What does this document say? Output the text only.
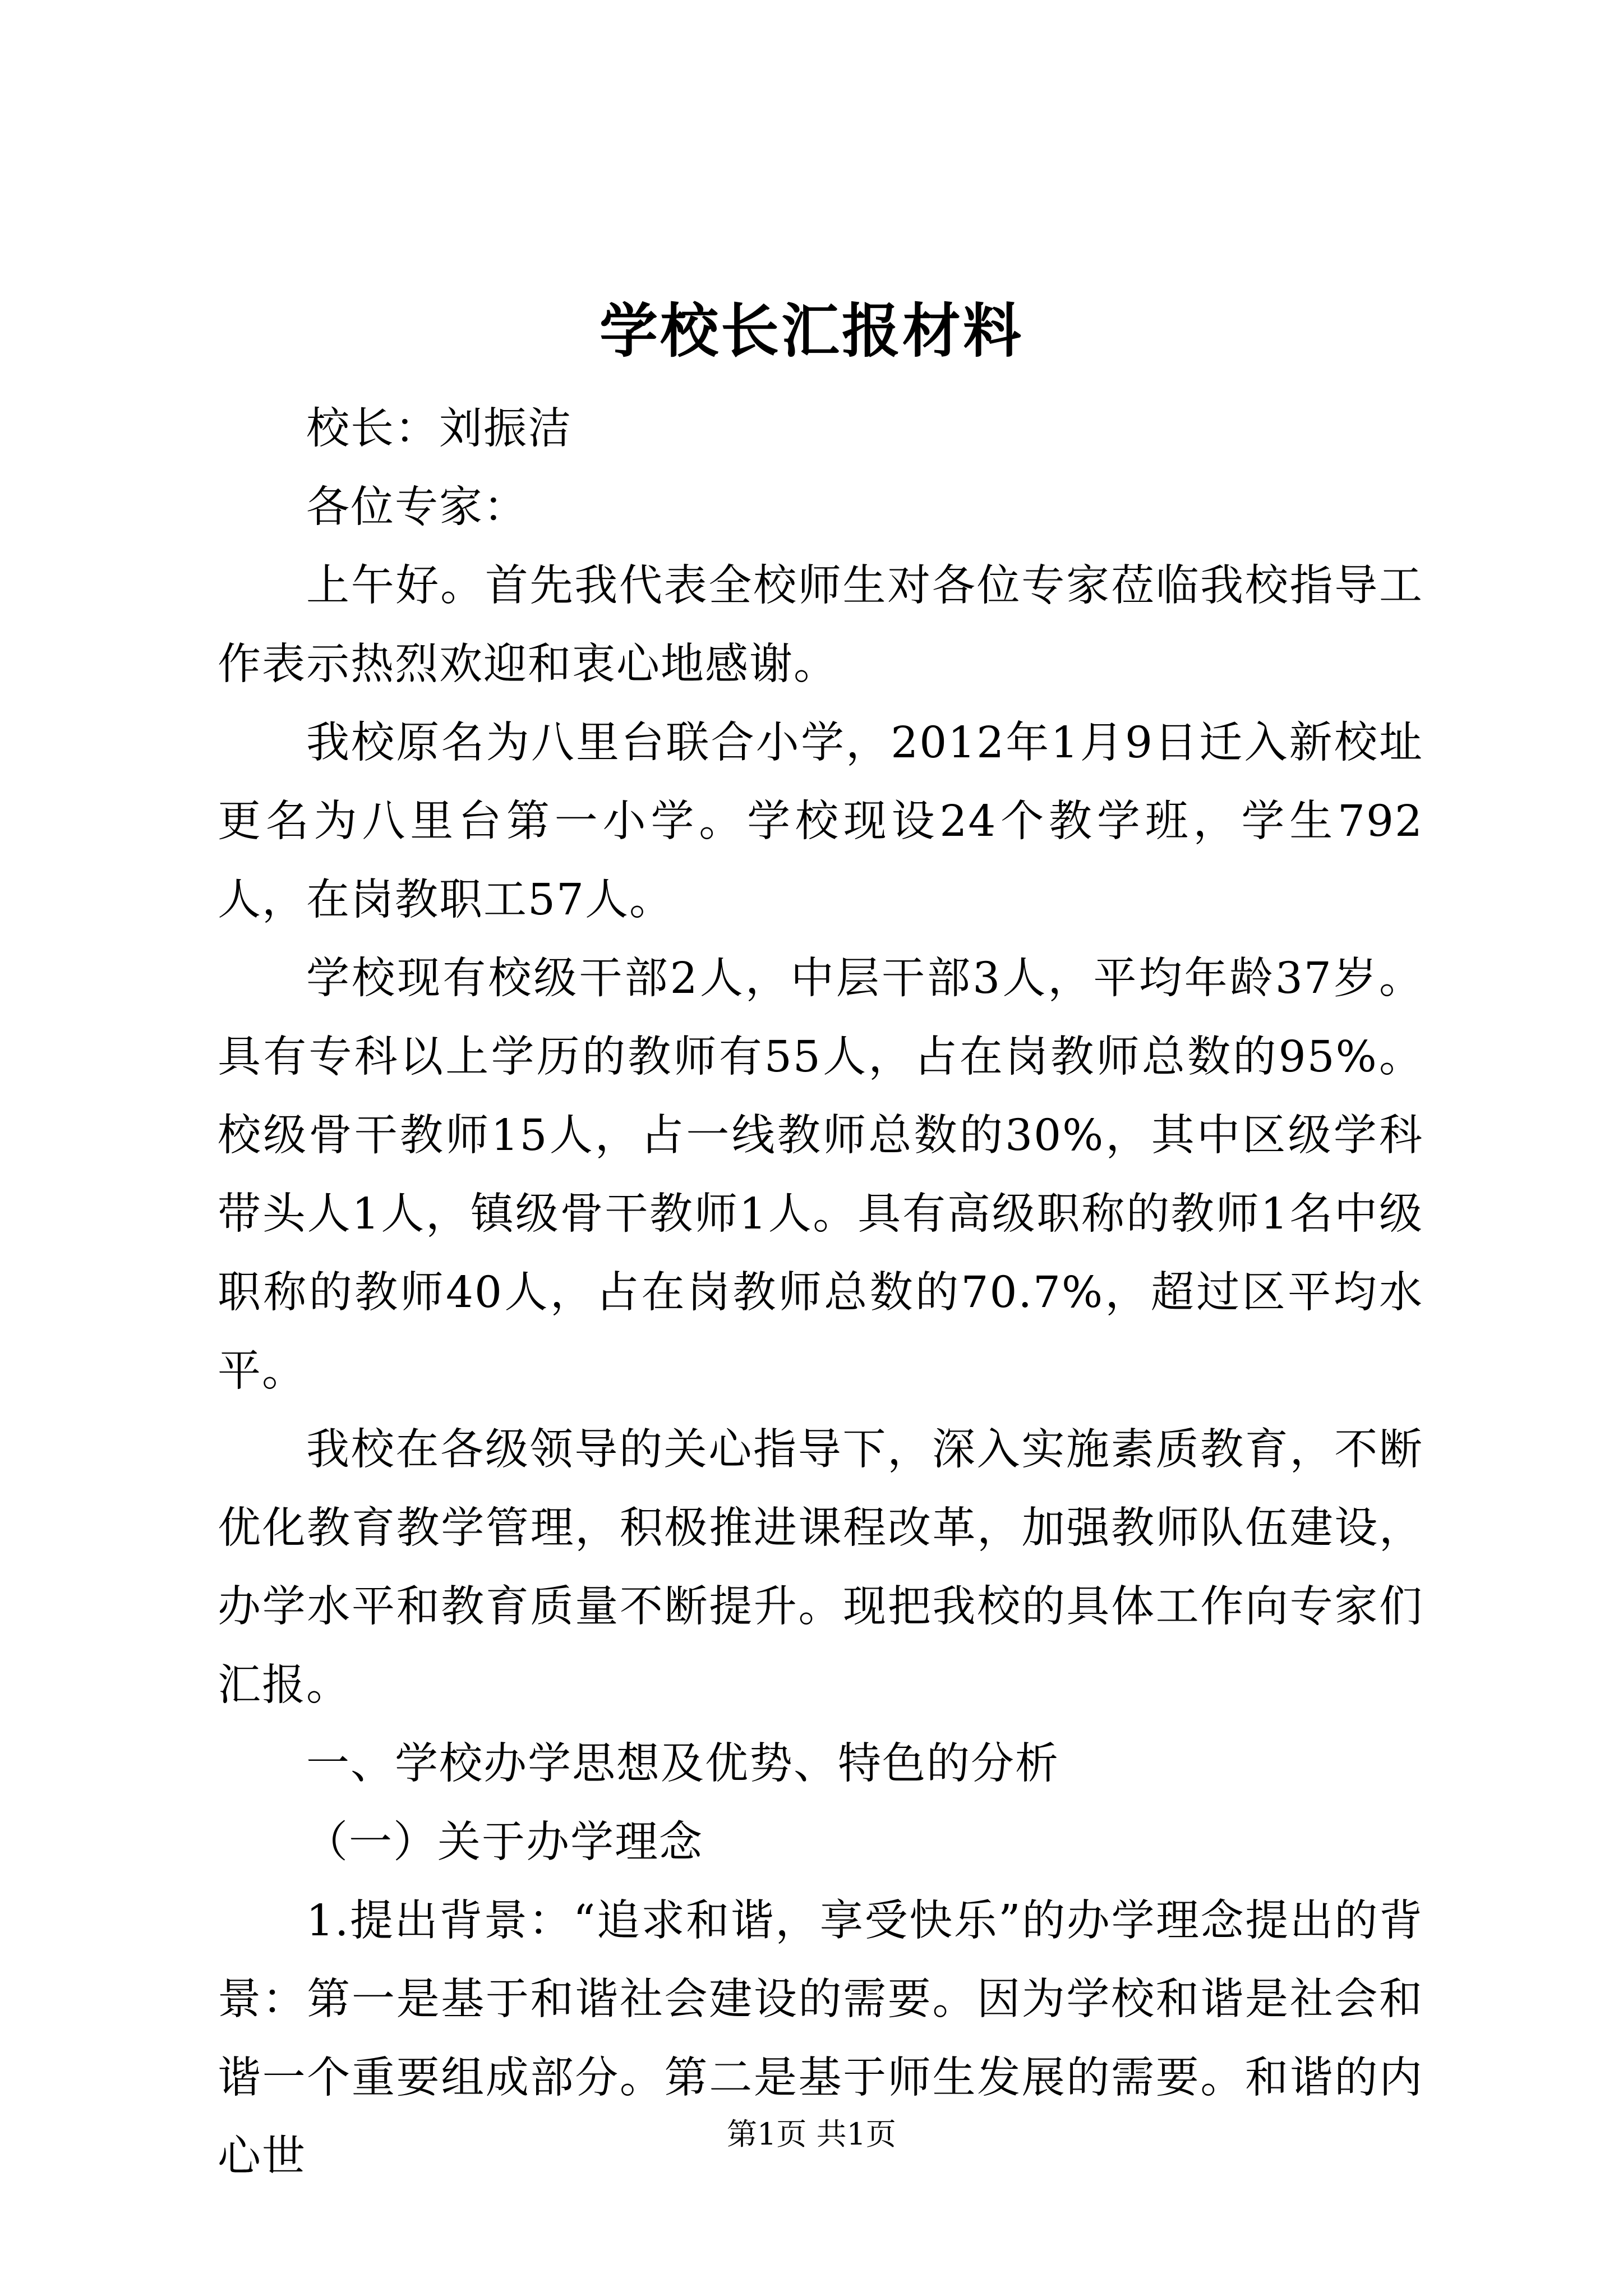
学校长汇报材料

校长：刘振洁

各位专家：

上午好。首先我代表全校师生对各位专家莅临我校指导工作表示热烈欢迎和衷心地感谢。

我校原名为八里台联合小学，2012年1月9日迁入新校址更名为八里台第一小学。学校现设24个教学班，学生792人，在岗教职工57人。

学校现有校级干部2人，中层干部3人，平均年龄37岁。具有专科以上学历的教师有55人，占在岗教师总数的95%。校级骨干教师15人，占一线教师总数的30%，其中区级学科带头人1人，镇级骨干教师1人。具有高级职称的教师1名中级职称的教师40人，占在岗教师总数的70.7%，超过区平均水平。

我校在各级领导的关心指导下，深入实施素质教育，不断优化教育教学管理，积极推进课程改革，加强教师队伍建设，办学水平和教育质量不断提升。现把我校的具体工作向专家们汇报。

一、学校办学思想及优势、特色的分析

（一）关于办学理念

1.提出背景：“追求和谐，享受快乐”的办学理念提出的背景：第一是基于和谐社会建设的需要。因为学校和谐是社会和谐一个重要组成部分。第二是基于师生发展的需要。和谐的内心世	第1页 共1页
